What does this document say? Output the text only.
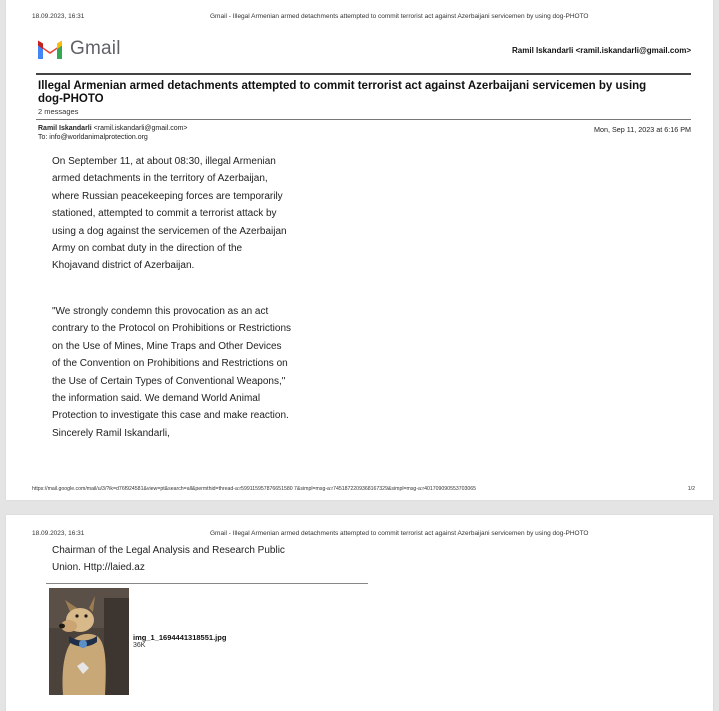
18.09.2023, 16:31	Gmail - Illegal Armenian armed detachments attempted to commit terrorist act against Azerbaijani servicemen by using dog-PHOTO
Gmail	Ramil Iskandarli <ramil.iskandarli@gmail.com>
Illegal Armenian armed detachments attempted to commit terrorist act against Azerbaijani servicemen by using dog-PHOTO
2 messages
Ramil Iskandarli <ramil.iskandarli@gmail.com>
To: info@worldanimalprotection.org
Mon, Sep 11, 2023 at 6:16 PM

On September 11, at about 08:30, illegal Armenian armed detachments in the territory of Azerbaijan, where Russian peacekeeping forces are temporarily stationed, attempted to commit a terrorist attack by using a dog against the servicemen of the Azerbaijan Army on combat duty in the direction of the Khojavand district of Azerbaijan.

"We strongly condemn this provocation as an act contrary to the Protocol on Prohibitions or Restrictions on the Use of Mines, Mine Traps and Other Devices of the Convention on Prohibitions and Restrictions on the Use of Certain Types of Conventional Weapons," the information said. We demand World Animal Protection to investigate this case and make reaction. Sincerely Ramil Iskandarli,

https://mail.google.com/mail/u/3/?ik=d76f924581&view=pt&search=all&permthid=thread-a:r599115957876651580 7&simpl=msg-a:r7451872209368167329&simpl=msg-a:r401709090553703065	1/2
18.09.2023, 16:31	Gmail - Illegal Armenian armed detachments attempted to commit terrorist act against Azerbaijani servicemen by using dog-PHOTO

Chairman of the Legal Analysis and Research Public Union. Http://laied.az

img_1_1694441318551.jpg
36K
